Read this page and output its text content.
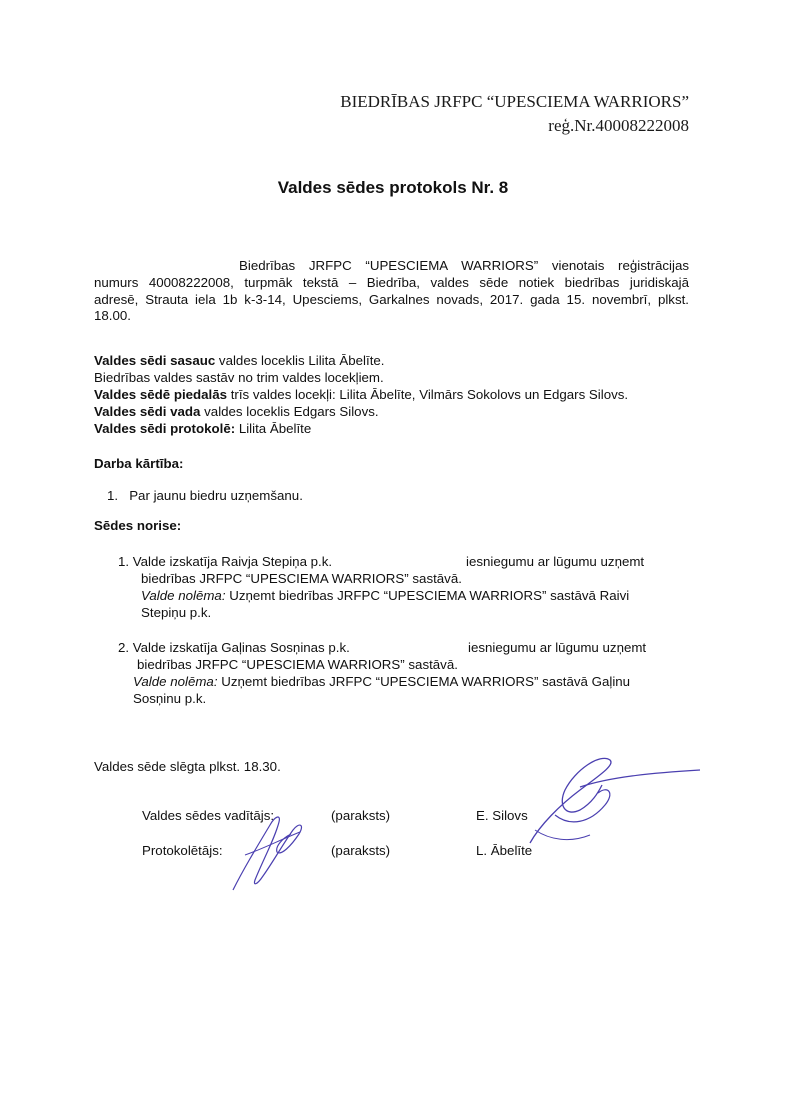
BIEDRĪBAS JRFPC “UPESCIEMA WARRIORS”
reģ.Nr.40008222008
Valdes sēdes protokols Nr. 8
Biedrības JRFPC “UPESCIEMA WARRIORS” vienotais reģistrācijas
numurs 40008222008, turpmāk tekstā – Biedrība, valdes sēde notiek biedrības juridiskajā
adresē, Strauta iela 1b k-3-14, Upesciems, Garkalnes novads, 2017. gada 15. novembrī, plkst.
18.00.
Valdes sēdi sasauc valdes loceklis Lilita Ābelīte.
Biedrības valdes sastāv no trim valdes locekļiem.
Valdes sēdē piedalās trīs valdes locekļi: Lilita Ābelīte, Vilmārs Sokolovs un Edgars Silovs.
Valdes sēdi vada valdes loceklis Edgars Silovs.
Valdes sēdi protokolē: Lilita Ābelīte
Darba kārtība:
1. Par jaunu biedru uzņemšanu.
Sēdes norise:
1. Valde izskatīja Raivja Stepiņa p.k.	iesniegumu ar lūgumu uzņemt
biedrības JRFPC “UPESCIEMA WARRIORS” sastāvā.
Valde nolēma: Uzņemt biedrības JRFPC “UPESCIEMA WARRIORS” sastāvā Raivi
Stepiņu p.k.
2. Valde izskatīja Gaļinas Sosņinas p.k.	iesniegumu ar lūgumu uzņemt
biedrības JRFPC “UPESCIEMA WARRIORS” sastāvā.
Valde nolēma: Uzņemt biedrības JRFPC “UPESCIEMA WARRIORS” sastāvā Gaļinu
Sosņinu p.k.
Valdes sēde slēgta plkst. 18.30.
Valdes sēdes vadītājs:	(paraksts)	E. Silovs
Protokolētājs:	(paraksts)	L. Ābelīte
